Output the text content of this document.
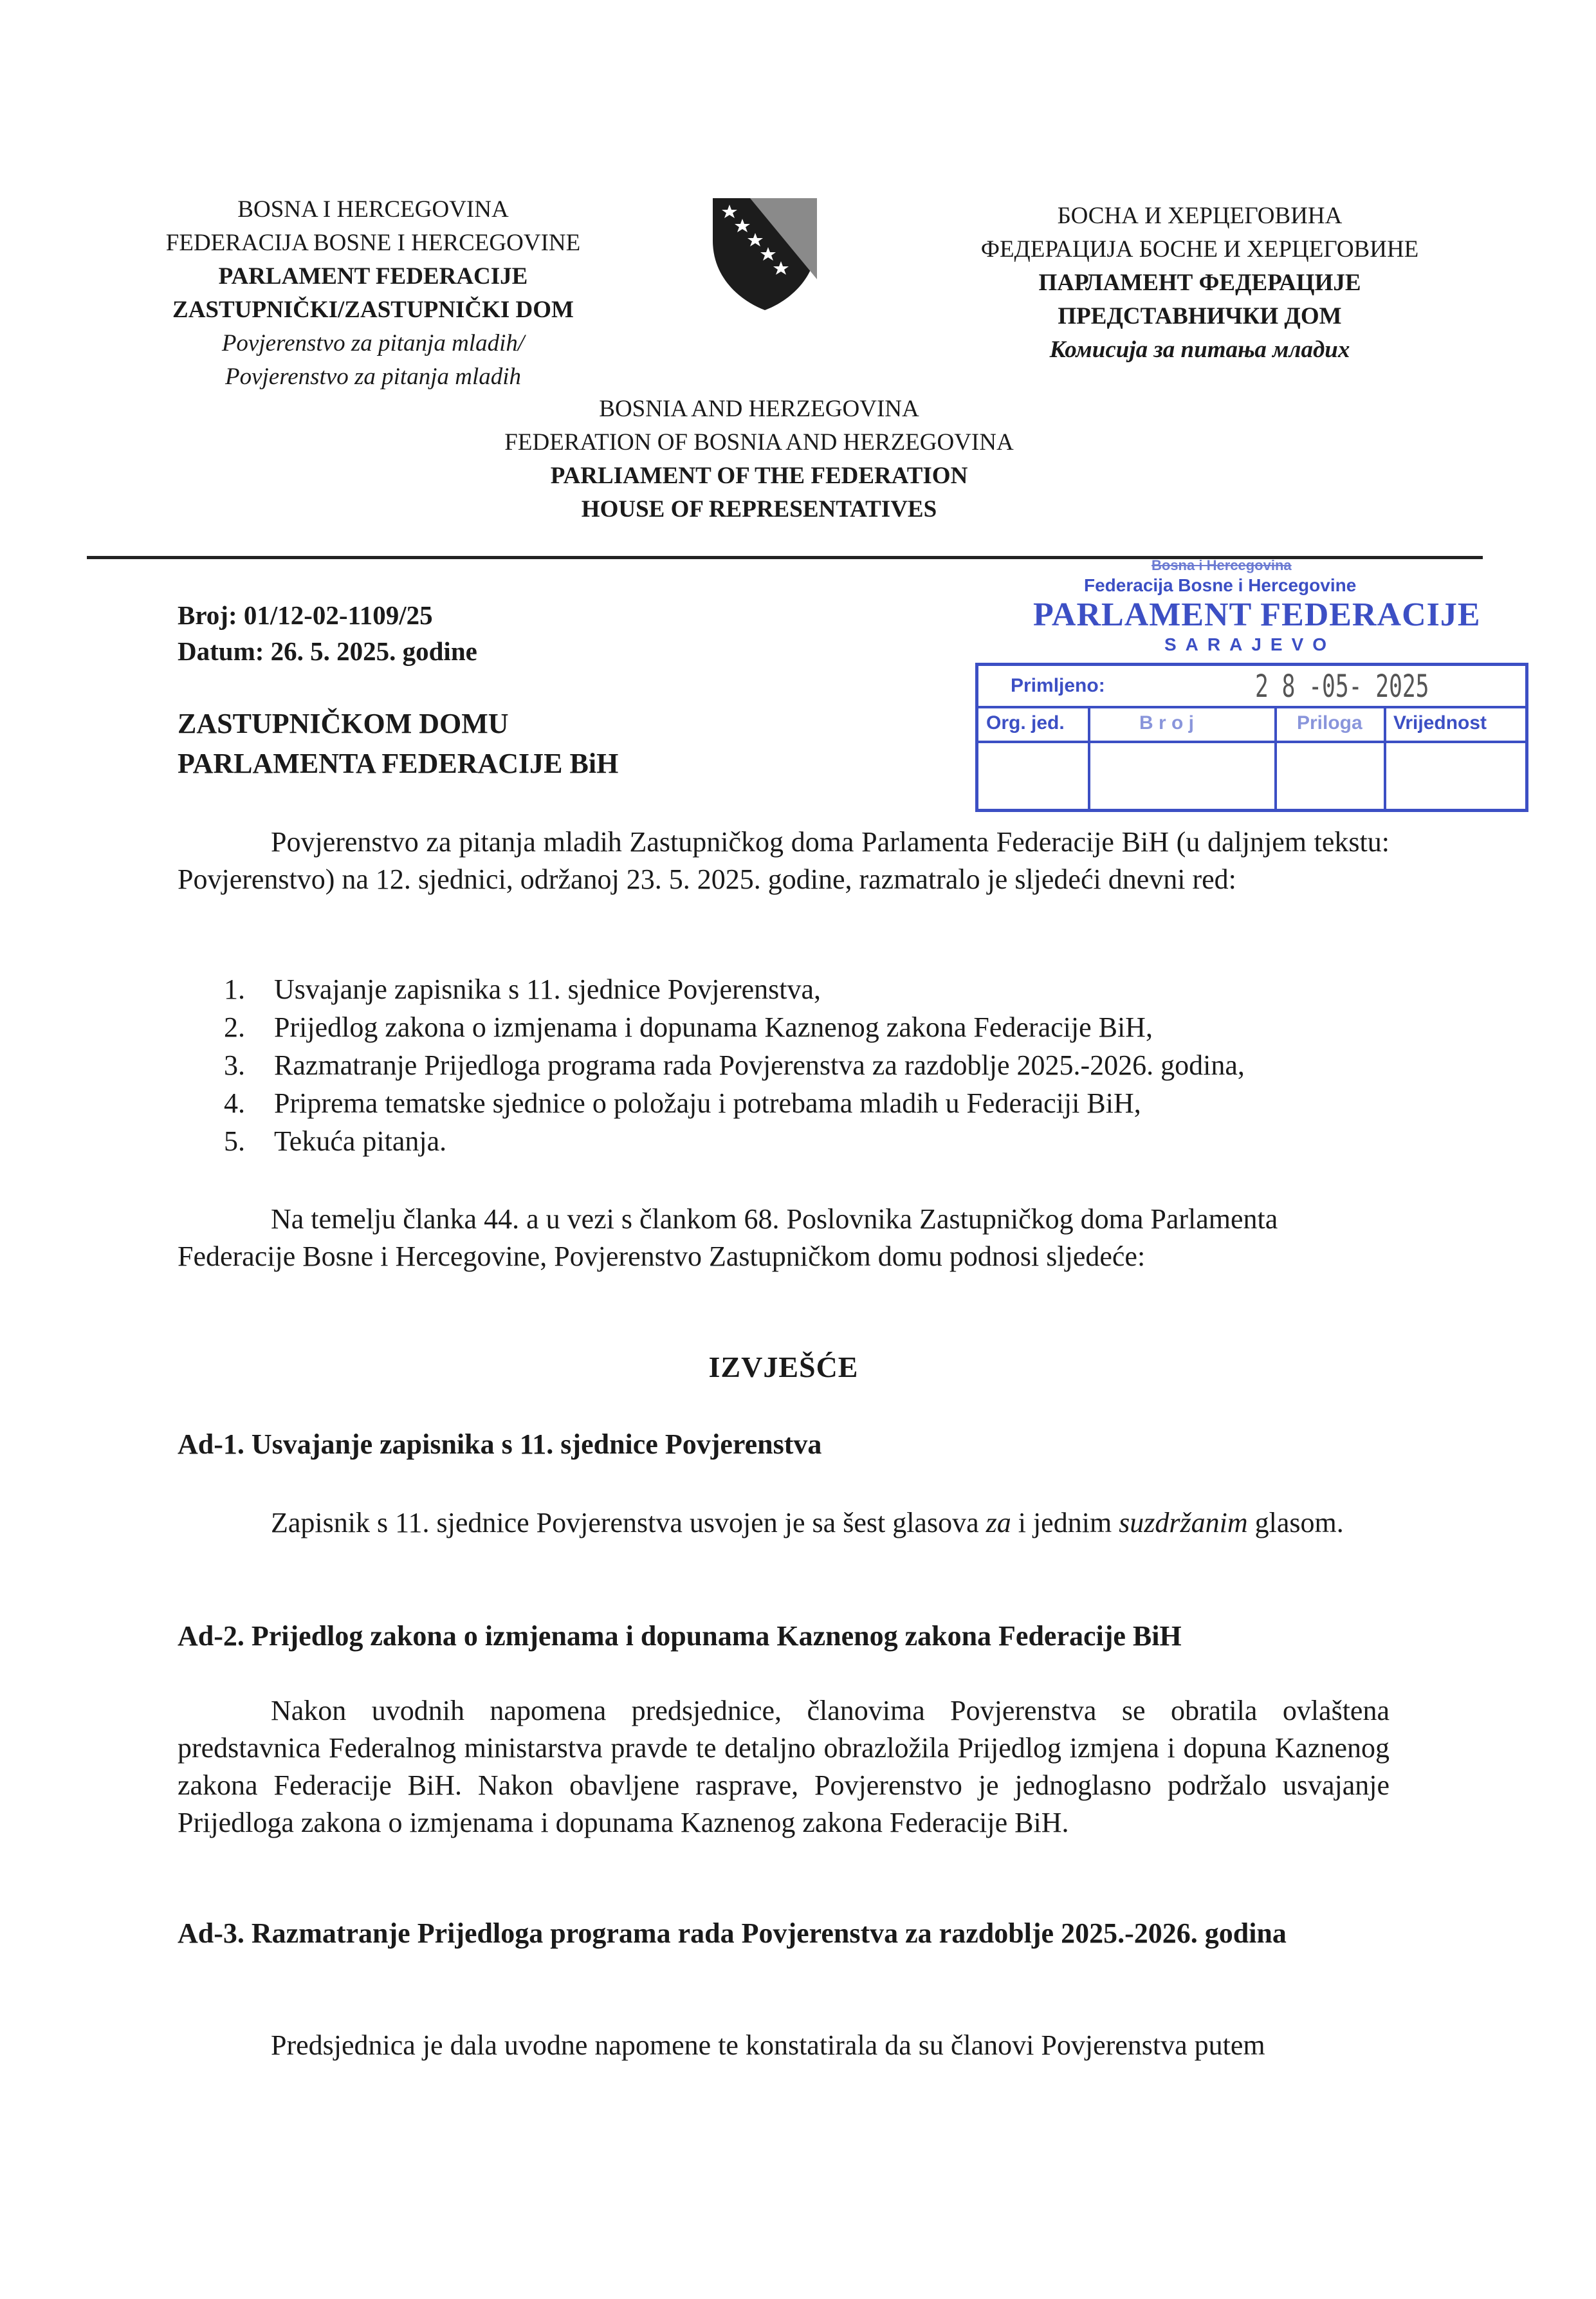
BOSNA I HERCEGOVINA
FEDERACIJA BOSNE I HERCEGOVINE
PARLAMENT FEDERACIJE
ZASTUPNIČKI/ZASTUPNIČKI DOM
Povjerenstvo za pitanja mladih/
Povjerenstvo za pitanja mladih
БОСНА И ХЕРЦЕГОВИНА
ФЕДЕРАЦИЈА БОСНЕ И ХЕРЦЕГОВИНЕ
ПАРЛАМЕНТ ФЕДЕРАЦИЈЕ
ПРЕДСТАВНИЧКИ ДОМ
Комисија за питања младих
BOSNIA AND HERZEGOVINA
FEDERATION OF BOSNIA AND HERZEGOVINA
PARLIAMENT OF THE FEDERATION
HOUSE OF REPRESENTATIVES
Broj: 01/12-02-1109/25
Datum: 26. 5. 2025. godine
Bosna i Hercegovina
Federacija Bosne i Hercegovine
PARLAMENT FEDERACIJE
SARAJEVO
Primljeno:	2 8 -05- 2025
Org. jed.	B r o j	Priloga Vrijednost
ZASTUPNIČKOM DOMU
PARLAMENTA FEDERACIJE BiH
Povjerenstvo za pitanja mladih Zastupničkog doma Parlamenta Federacije BiH (u daljnjem tekstu: Povjerenstvo) na 12. sjednici, održanoj 23. 5. 2025. godine, razmatralo je sljedeći dnevni red:
1. Usvajanje zapisnika s 11. sjednice Povjerenstva,
2. Prijedlog zakona o izmjenama i dopunama Kaznenog zakona Federacije BiH,
3. Razmatranje Prijedloga programa rada Povjerenstva za razdoblje 2025.-2026. godina,
4. Priprema tematske sjednice o položaju i potrebama mladih u Federaciji BiH,
5. Tekuća pitanja.
Na temelju članka 44. a u vezi s člankom 68. Poslovnika Zastupničkog doma Parlamenta Federacije Bosne i Hercegovine, Povjerenstvo Zastupničkom domu podnosi sljedeće:
IZVJEŠĆE
Ad-1. Usvajanje zapisnika s 11. sjednice Povjerenstva
Zapisnik s 11. sjednice Povjerenstva usvojen je sa šest glasova za i jednim suzdržanim glasom.
Ad-2. Prijedlog zakona o izmjenama i dopunama Kaznenog zakona Federacije BiH
Nakon uvodnih napomena predsjednice, članovima Povjerenstva se obratila ovlaštena predstavnica Federalnog ministarstva pravde te detaljno obrazložila Prijedlog izmjena i dopuna Kaznenog zakona Federacije BiH. Nakon obavljene rasprave, Povjerenstvo je jednoglasno podržalo usvajanje Prijedloga zakona o izmjenama i dopunama Kaznenog zakona Federacije BiH.
Ad-3. Razmatranje Prijedloga programa rada Povjerenstva za razdoblje 2025.-2026. godina
Predsjednica je dala uvodne napomene te konstatirala da su članovi Povjerenstva putem
